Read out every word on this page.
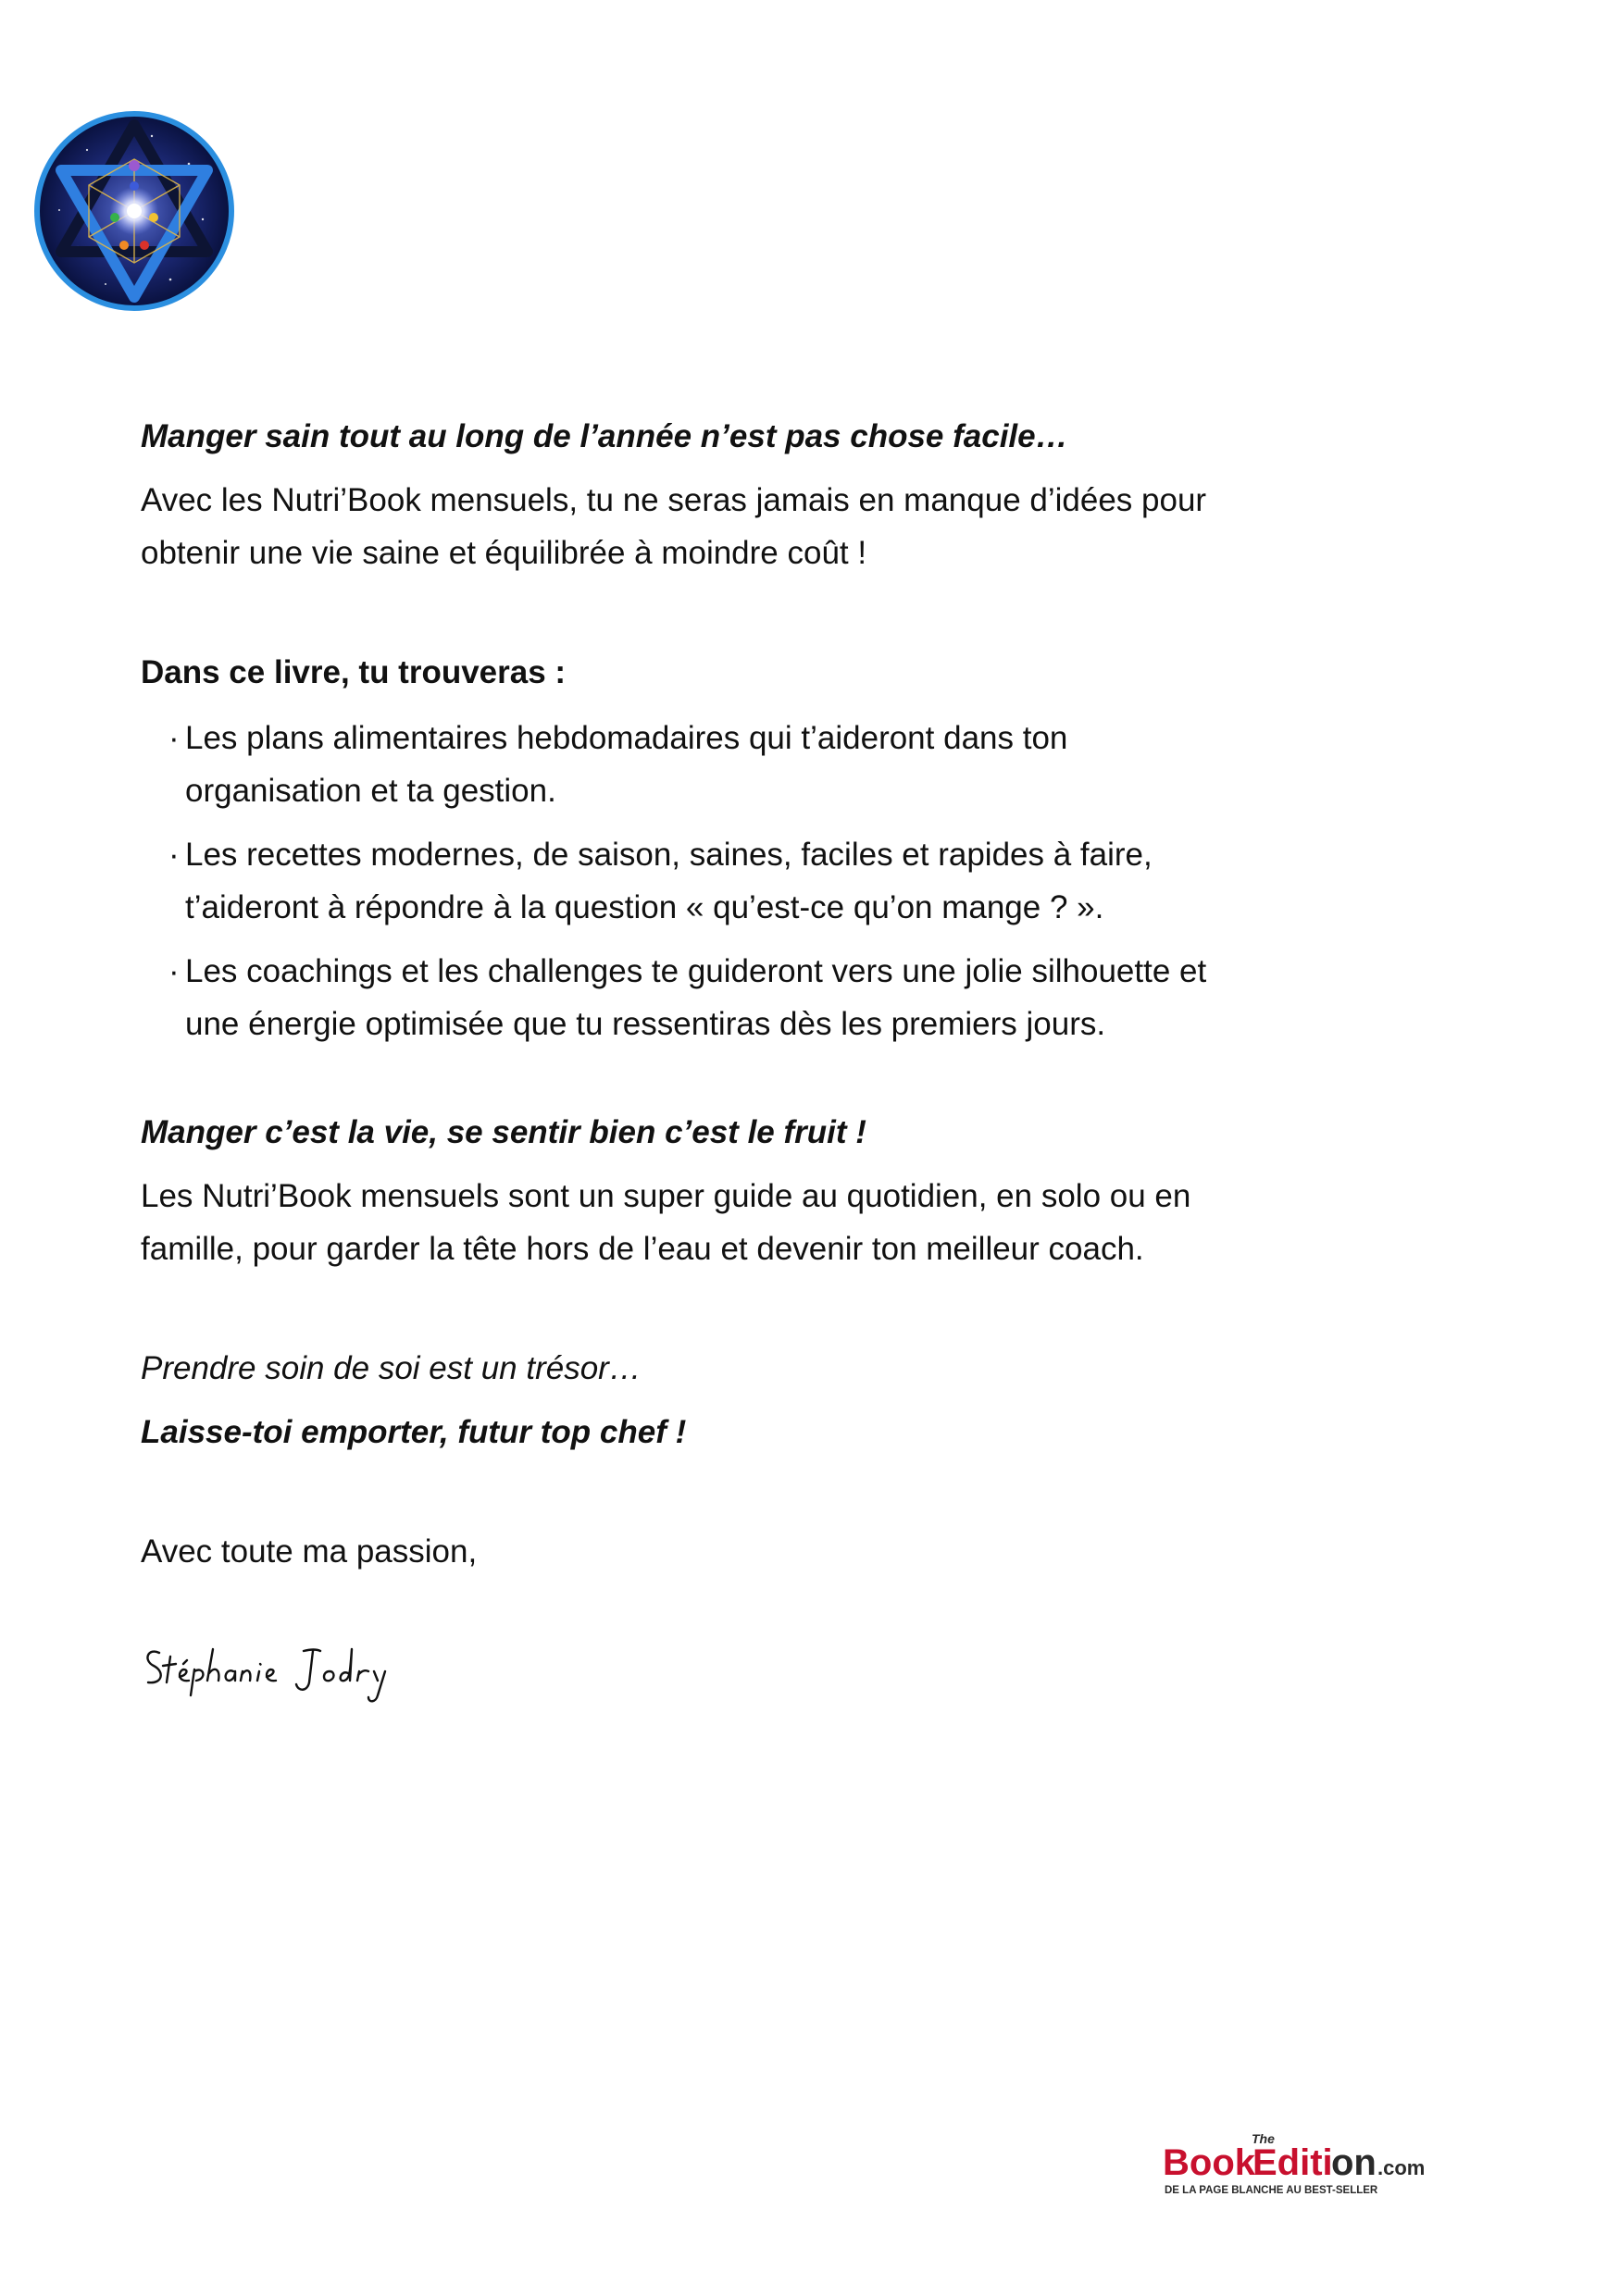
Manger sain tout au long de l’année n’est pas chose facile…

Avec les Nutri’Book mensuels, tu ne seras jamais en manque d’idées pour

obtenir une vie saine et équilibrée à moindre coût !

Dans ce livre, tu trouveras :

· Les plans alimentaires hebdomadaires qui t’aideront dans ton
organisation et ta gestion.
· Les recettes modernes, de saison, saines, faciles et rapides à faire,
t’aideront à répondre à la question « qu’est-ce qu’on mange ? ».
· Les coachings et les challenges te guideront vers une jolie silhouette et
une énergie optimisée que tu ressentiras dès les premiers jours.

Manger c’est la vie, se sentir bien c’est le fruit !

Les Nutri’Book mensuels sont un super guide au quotidien, en solo ou en

famille, pour garder la tête hors de l’eau et devenir ton meilleur coach.

Prendre soin de soi est un trésor…

Laisse-toi emporter, futur top chef !

Avec toute ma passion,

The
Book
Editi
on .com
DE LA PAGE BLANCHE AU BEST-SELLER
